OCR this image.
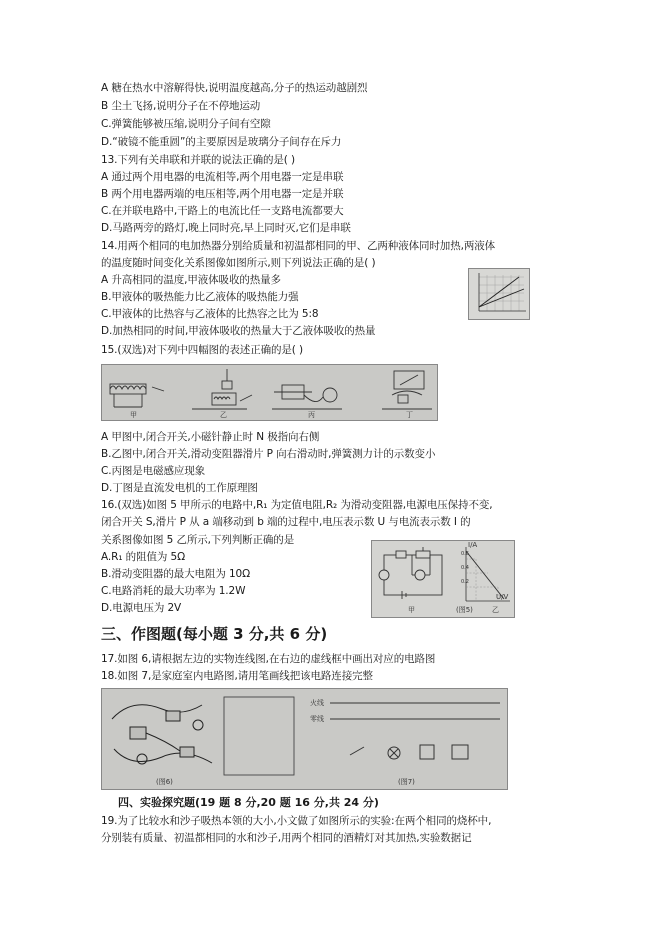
A 糖在热水中溶解得快,说明温度越高,分子的热运动越剧烈
B 尘土飞扬,说明分子在不停地运动
C.弹簧能够被压缩,说明分子间有空隙
D.“破镜不能重圆”的主要原因是玻璃分子间存在斥力
13.下列有关串联和并联的说法正确的是( )
A 通过两个用电器的电流相等,两个用电器一定是串联
B 两个用电器两端的电压相等,两个用电器一定是并联
C.在并联电路中,干路上的电流比任一支路电流都要大
D.马路两旁的路灯,晚上同时亮,早上同时灭,它们是串联
14.用两个相同的电加热器分别给质量和初温都相同的甲、乙两种液体同时加热,两液体
的温度随时间变化关系图像如图所示,则下列说法正确的是( )
A 升高相同的温度,甲液体吸收的热量多
B.甲液体的吸热能力比乙液体的吸热能力强
C.甲液体的比热容与乙液体的比热容之比为 5:8
D.加热相同的时间,甲液体吸收的热量大于乙液体吸收的热量
15.(双选)对下列中四幅图的表述正确的是( )
甲	乙	丙	丁
A 甲图中,闭合开关,小磁针静止时 N 极指向右侧
B.乙图中,闭合开关,滑动变阻器滑片 P 向右滑动时,弹簧测力计的示数变小
C.丙图是电磁感应现象
D.丁图是直流发电机的工作原理图
16.(双选)如图 5 甲所示的电路中,R₁ 为定值电阻,R₂ 为滑动变阻器,电源电压保持不变,
闭合开关 S,滑片 P 从 a 端移动到 b 端的过程中,电压表示数 U 与电流表示数 I 的
关系图像如图 5 乙所示,下列判断正确的是
A.R₁ 的阻值为 5Ω
B.滑动变阻器的最大电阻为 10Ω
C.电路消耗的最大功率为 1.2W
D.电源电压为 2V
0.6
0.4
0.2
甲	(图5)	乙
I/A
U/V
三、作图题(每小题 3 分,共 6 分)
17.如图 6,请根据左边的实物连线图,在右边的虚线框中画出对应的电路图
18.如图 7,是家庭室内电路图,请用笔画线把该电路连接完整
(图6)	(图7)
火线
零线
四、实验探究题(19 题 8 分,20 题 16 分,共 24 分)
19.为了比较水和沙子吸热本领的大小,小文做了如图所示的实验:在两个相同的烧杯中,
分别装有质量、初温都相同的水和沙子,用两个相同的酒精灯对其加热,实验数据记
